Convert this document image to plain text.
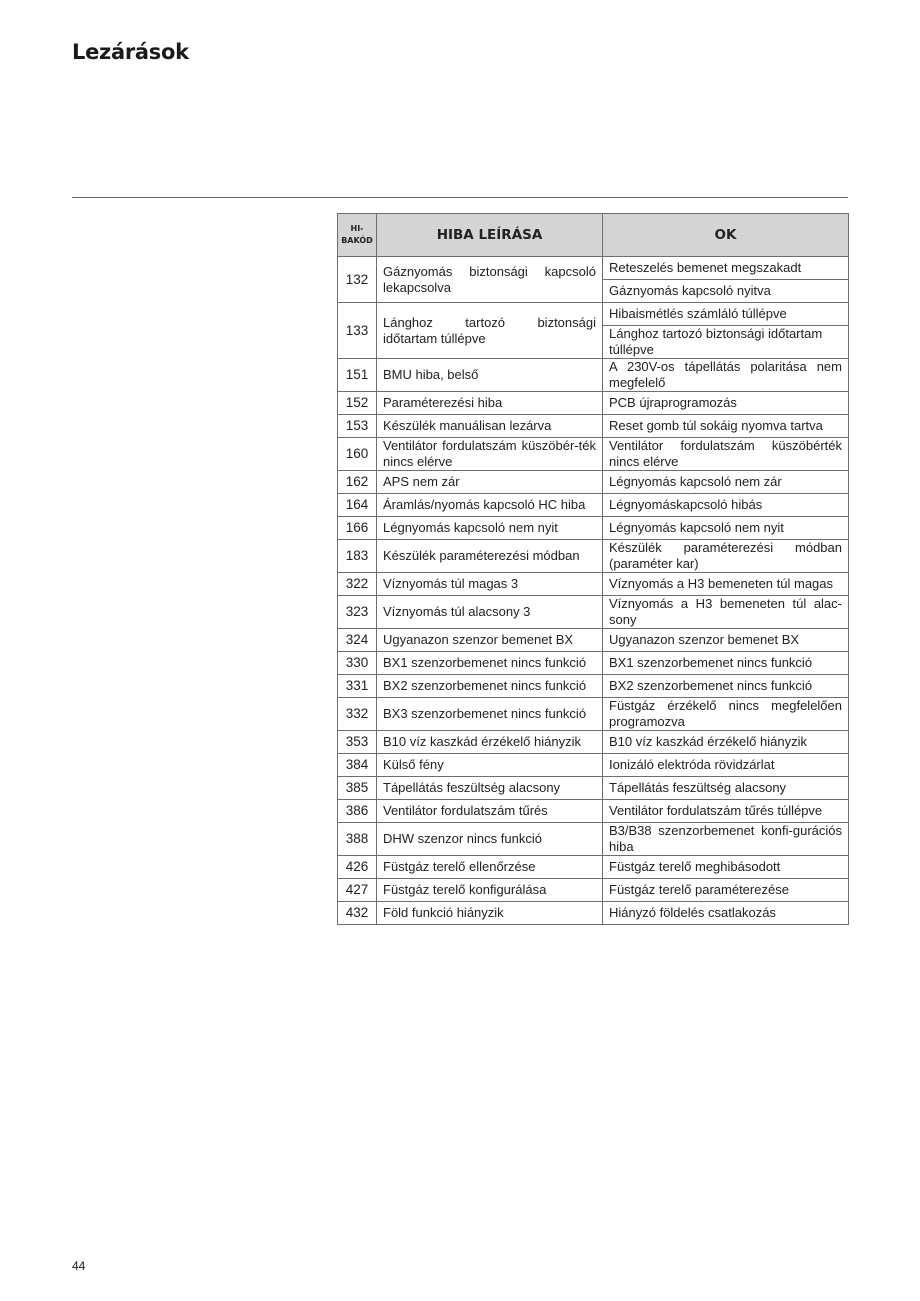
Lezárások
HI-
BAKÓD	HIBA LEÍRÁSA	OK
132	Gáznyomás biztonsági kapcsoló lekapcsolva	Reteszelés bemenet megszakadt
		Gáznyomás kapcsoló nyitva
133	Lánghoz tartozó biztonsági időtartam túllépve	Hibaismétlés számláló túllépve
		Lánghoz tartozó biztonsági időtartam túllépve
151	BMU hiba, belső	A 230V-os tápellátás polaritása nem megfelelő
152	Paraméterezési hiba	PCB újraprogramozás
153	Készülék manuálisan lezárva	Reset gomb túl sokáig nyomva tartva
160	Ventilátor fordulatszám küszöbér-ték nincs elérve	Ventilátor fordulatszám küszöbérték nincs elérve
162	APS nem zár	Légnyomás kapcsoló nem zár
164	Áramlás/nyomás kapcsoló HC hiba	Légnyomáskapcsoló hibás
166	Légnyomás kapcsoló nem nyit	Légnyomás kapcsoló nem nyit
183	Készülék paraméterezési módban	Készülék paraméterezési módban (paraméter kar)
322	Víznyomás túl magas 3	Víznyomás a H3 bemeneten túl magas
323	Víznyomás túl alacsony 3	Víznyomás a H3 bemeneten túl alac-sony
324	Ugyanazon szenzor bemenet BX	Ugyanazon szenzor bemenet BX
330	BX1 szenzorbemenet nincs funkció	BX1 szenzorbemenet nincs funkció
331	BX2 szenzorbemenet nincs funkció	BX2 szenzorbemenet nincs funkció
332	BX3 szenzorbemenet nincs funkció	Füstgáz érzékelő nincs megfelelően programozva
353	B10 víz kaszkád érzékelő hiányzik	B10 víz kaszkád érzékelő hiányzik
384	Külső fény	Ionizáló elektróda rövidzárlat
385	Tápellátás feszültség alacsony	Tápellátás feszültség alacsony
386	Ventilátor fordulatszám tűrés	Ventilátor fordulatszám tűrés túllépve
388	DHW szenzor nincs funkció	B3/B38 szenzorbemenet konfi-gurációs hiba
426	Füstgáz terelő ellenőrzése	Füstgáz terelő meghibásodott
427	Füstgáz terelő konfigurálása	Füstgáz terelő paraméterezése
432	Föld funkció hiányzik	Hiányzó földelés csatlakozás
44
